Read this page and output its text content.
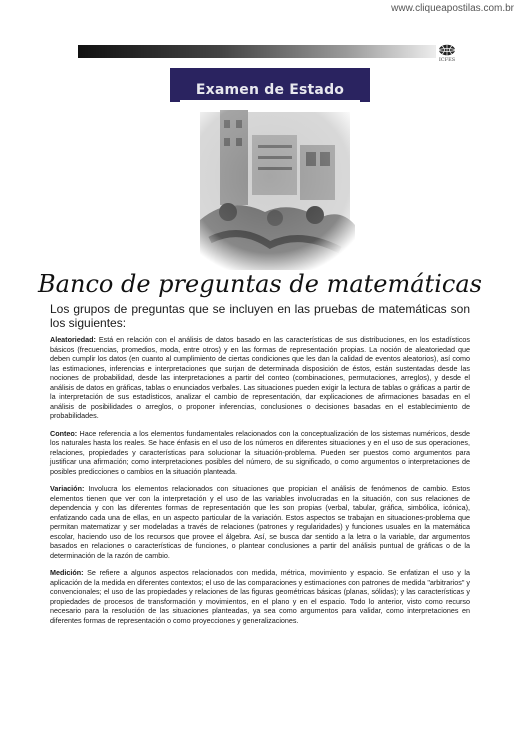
www.cliqueapostilas.com.br
ICFES
Examen de Estado
Banco de preguntas de matemáticas
Los grupos de preguntas que se incluyen en las pruebas de matemáticas son los siguientes:

Aleatoriedad: Está en relación con el análisis de datos basado en las características de sus distribuciones, en los estadísticos básicos (frecuencias, promedios, moda, entre otros) y en las formas de representación propias. La noción de aleatoriedad que deben cumplir los datos (en cuanto al cumplimiento de ciertas condiciones que les dan la calidad de eventos aleatorios), así como las estimaciones, inferencias e interpretaciones que surjan de determinada disposición de éstos, están sustentadas desde las nociones de probabilidad, desde las interpretaciones a partir del conteo (combinaciones, permutaciones, arreglos), y desde el análisis de datos en gráficas, tablas o enunciados verbales. Las situaciones pueden exigir la lectura de tablas o gráficas a partir de la interpretación de sus estadísticos, analizar el cambio de representación, dar explicaciones de afirmaciones basadas en el análisis de posibilidades o arreglos, o proponer inferencias, conclusiones o decisiones basadas en el establecimiento de probabilidades.

Conteo: Hace referencia a los elementos fundamentales relacionados con la conceptualización de los sistemas numéricos, desde los naturales hasta los reales. Se hace énfasis en el uso de los números en diferentes situaciones y en el uso de sus operaciones, relaciones, propiedades y características para solucionar la situación-problema. Pueden ser puestos como argumentos para justificar una afirmación; como interpretaciones posibles del número, de su significado, o como argumentos o interpretaciones de posibles predicciones o cambios en la situación planteada.

Variación: Involucra los elementos relacionados con situaciones que propician el análisis de fenómenos de cambio. Estos elementos tienen que ver con la interpretación y el uso de las variables involucradas en la situación, con sus relaciones de dependencia y con las diferentes formas de representación que les son propias (verbal, tabular, gráfica, simbólica, icónica), enfatizando cada una de ellas, en un aspecto particular de la variación. Estos aspectos se trabajan en situaciones-problema que permitan matematizar y ser modeladas a través de relaciones (patrones y regularidades) y funciones usuales en la matemática escolar, haciendo uso de los recursos que provee el álgebra. Así, se busca dar sentido a la letra o la variable, dar argumentos basados en relaciones o características de funciones, o plantear conclusiones a partir del análisis puntual de gráficas o de la determinación de la razón de cambio.

Medición: Se refiere a algunos aspectos relacionados con medida, métrica, movimiento y espacio. Se enfatizan el uso y la aplicación de la medida en diferentes contextos; el uso de las comparaciones y estimaciones con patrones de medida "arbitrarios" y convencionales; el uso de las propiedades y relaciones de las figuras geométricas básicas (planas, sólidas); y las características y propiedades de procesos de transformación y movimientos, en el plano y en el espacio. Todo lo anterior, visto como recurso necesario para la resolución de las situaciones planteadas, ya sea como argumentos para validar, como interpretaciones en diferentes formas de representación o como proyecciones y generalizaciones.
